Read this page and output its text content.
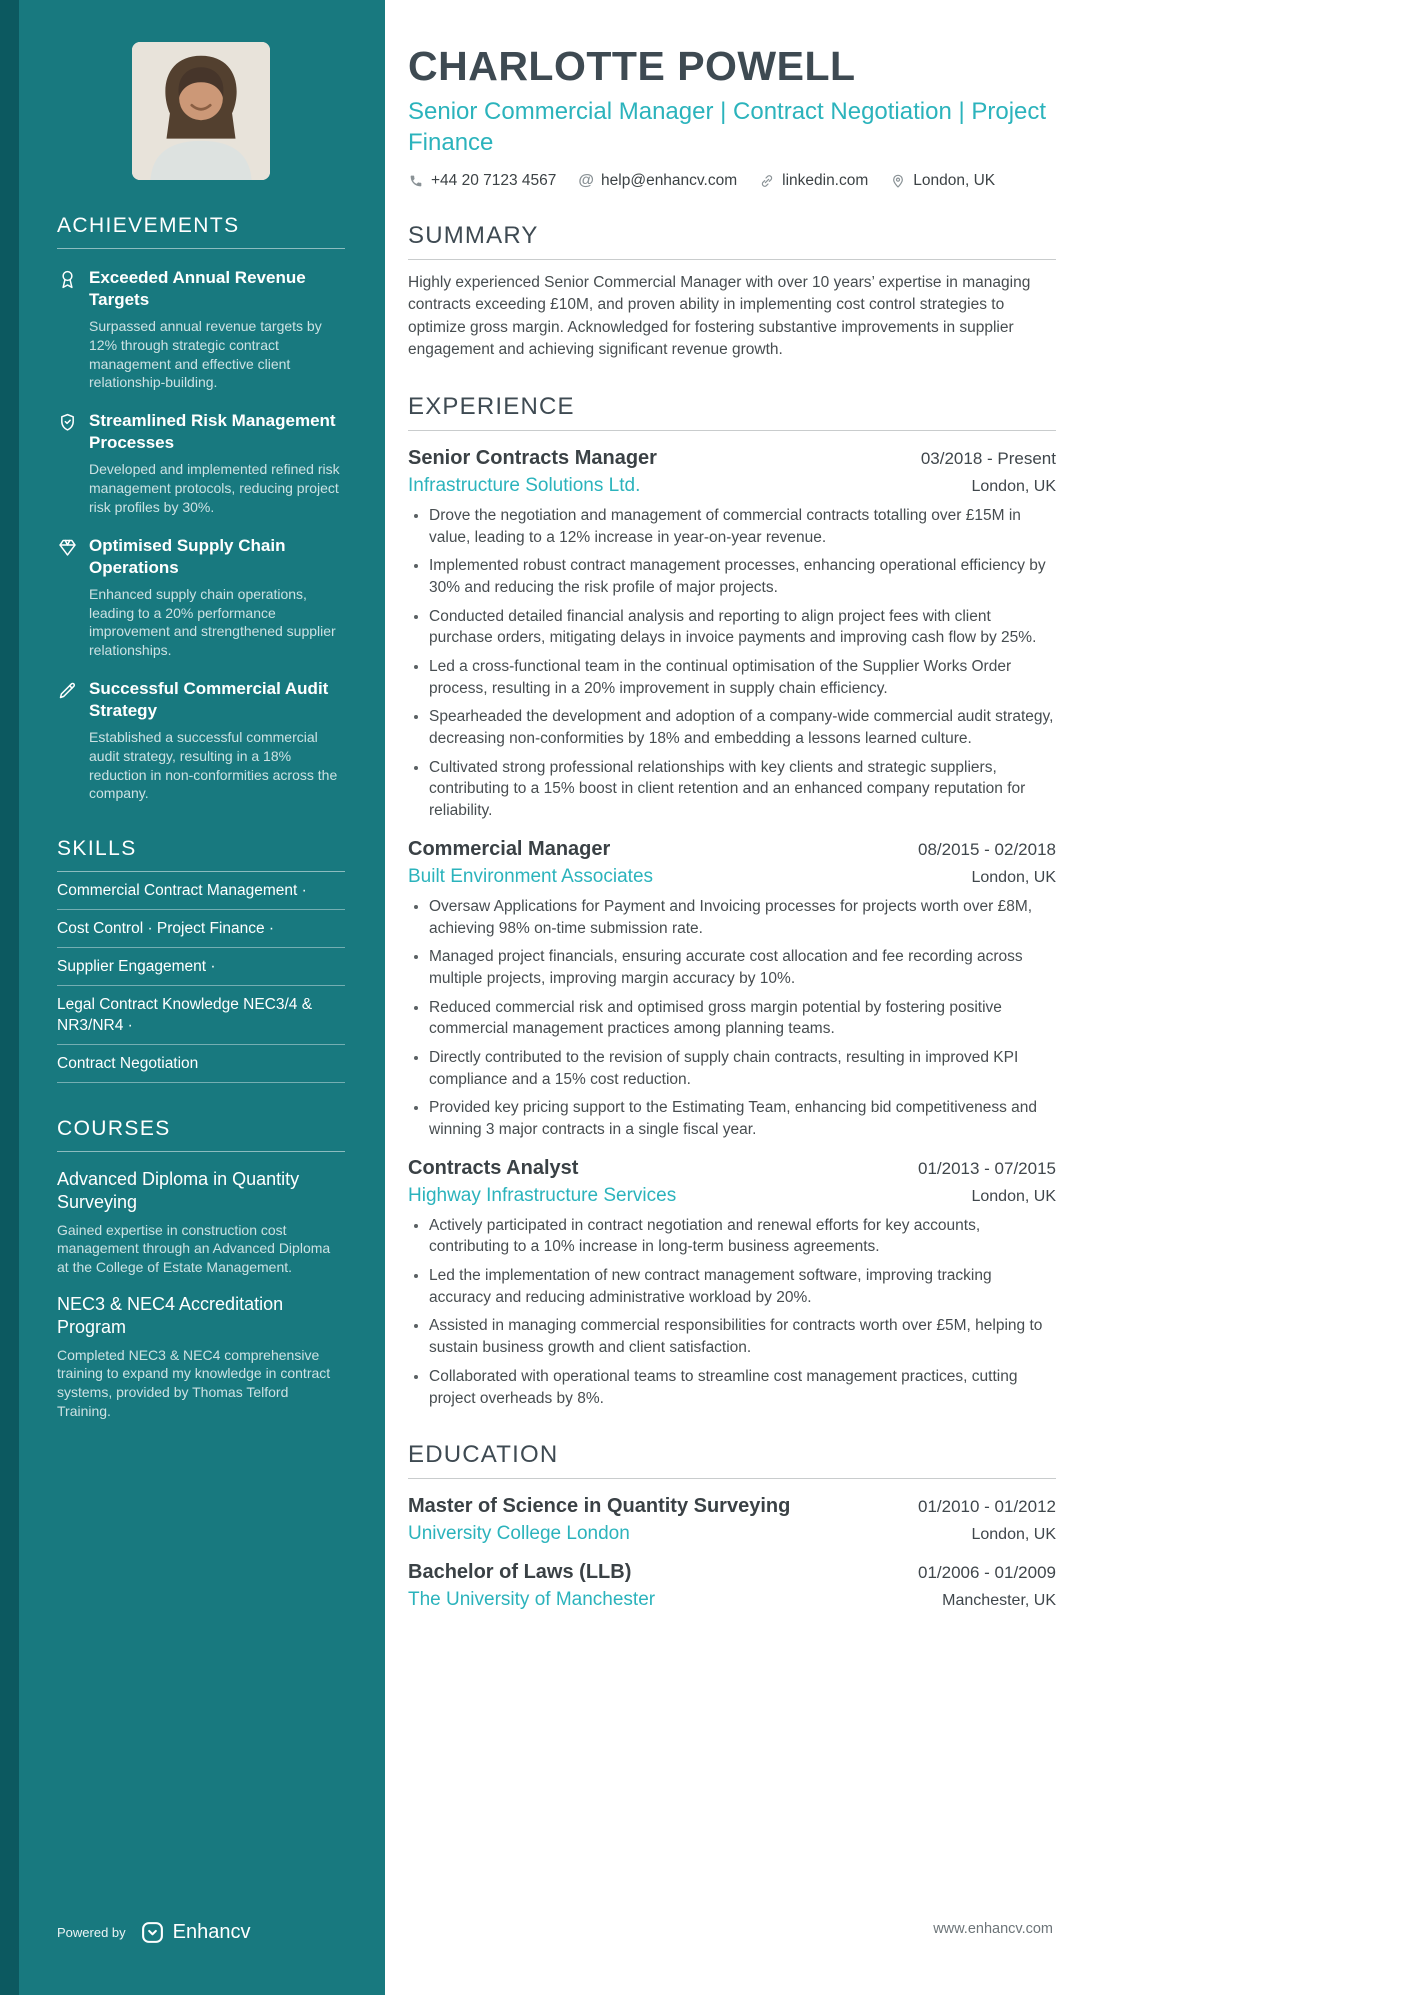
ACHIEVEMENTS
Exceeded Annual Revenue Targets
Surpassed annual revenue targets by 12% through strategic contract management and effective client relationship-building.
Streamlined Risk Management Processes
Developed and implemented refined risk management protocols, reducing project risk profiles by 30%.
Optimised Supply Chain Operations
Enhanced supply chain operations, leading to a 20% performance improvement and strengthened supplier relationships.
Successful Commercial Audit Strategy
Established a successful commercial audit strategy, resulting in a 18% reduction in non-conformities across the company.
SKILLS
Commercial Contract Management ·
Cost Control · Project Finance ·
Supplier Engagement ·
Legal Contract Knowledge NEC3/4 & NR3/NR4 ·
Contract Negotiation
COURSES
Advanced Diploma in Quantity Surveying
Gained expertise in construction cost management through an Advanced Diploma at the College of Estate Management.
NEC3 & NEC4 Accreditation Program
Completed NEC3 & NEC4 comprehensive training to expand my knowledge in contract systems, provided by Thomas Telford Training.
Powered by Enhancv
CHARLOTTE POWELL
Senior Commercial Manager | Contract Negotiation | Project Finance
+44 20 7123 4567 @ help@enhancv.com	linkedin.com	London, UK
SUMMARY

Highly experienced Senior Commercial Manager with over 10 years’ expertise in managing contracts exceeding £10M, and proven ability in implementing cost control strategies to optimize gross margin. Acknowledged for fostering substantive improvements in supplier engagement and achieving significant revenue growth.

EXPERIENCE
Senior Contracts Manager	03/2018 - Present
Infrastructure Solutions Ltd.	London, UK
• Drove the negotiation and management of commercial contracts totalling over £15M in value, leading to a 12% increase in year-on-year revenue.
• Implemented robust contract management processes, enhancing operational efficiency by 30% and reducing the risk profile of major projects.
• Conducted detailed financial analysis and reporting to align project fees with client purchase orders, mitigating delays in invoice payments and improving cash flow by 25%.
• Led a cross-functional team in the continual optimisation of the Supplier Works Order process, resulting in a 20% improvement in supply chain efficiency.
• Spearheaded the development and adoption of a company-wide commercial audit strategy, decreasing non-conformities by 18% and embedding a lessons learned culture.
• Cultivated strong professional relationships with key clients and strategic suppliers, contributing to a 15% boost in client retention and an enhanced company reputation for reliability.
Commercial Manager	08/2015 - 02/2018
Built Environment Associates	London, UK
• Oversaw Applications for Payment and Invoicing processes for projects worth over £8M, achieving 98% on-time submission rate.
• Managed project financials, ensuring accurate cost allocation and fee recording across multiple projects, improving margin accuracy by 10%.
• Reduced commercial risk and optimised gross margin potential by fostering positive commercial management practices among planning teams.
• Directly contributed to the revision of supply chain contracts, resulting in improved KPI compliance and a 15% cost reduction.
• Provided key pricing support to the Estimating Team, enhancing bid competitiveness and winning 3 major contracts in a single fiscal year.
Contracts Analyst	01/2013 - 07/2015
Highway Infrastructure Services	London, UK
• Actively participated in contract negotiation and renewal efforts for key accounts, contributing to a 10% increase in long-term business agreements.
• Led the implementation of new contract management software, improving tracking accuracy and reducing administrative workload by 20%.
• Assisted in managing commercial responsibilities for contracts worth over £5M, helping to sustain business growth and client satisfaction.
• Collaborated with operational teams to streamline cost management practices, cutting project overheads by 8%.
EDUCATION
Master of Science in Quantity Surveying	01/2010 - 01/2012
University College London	London, UK
Bachelor of Laws (LLB)	01/2006 - 01/2009
The University of Manchester	Manchester, UK
www.enhancv.com
